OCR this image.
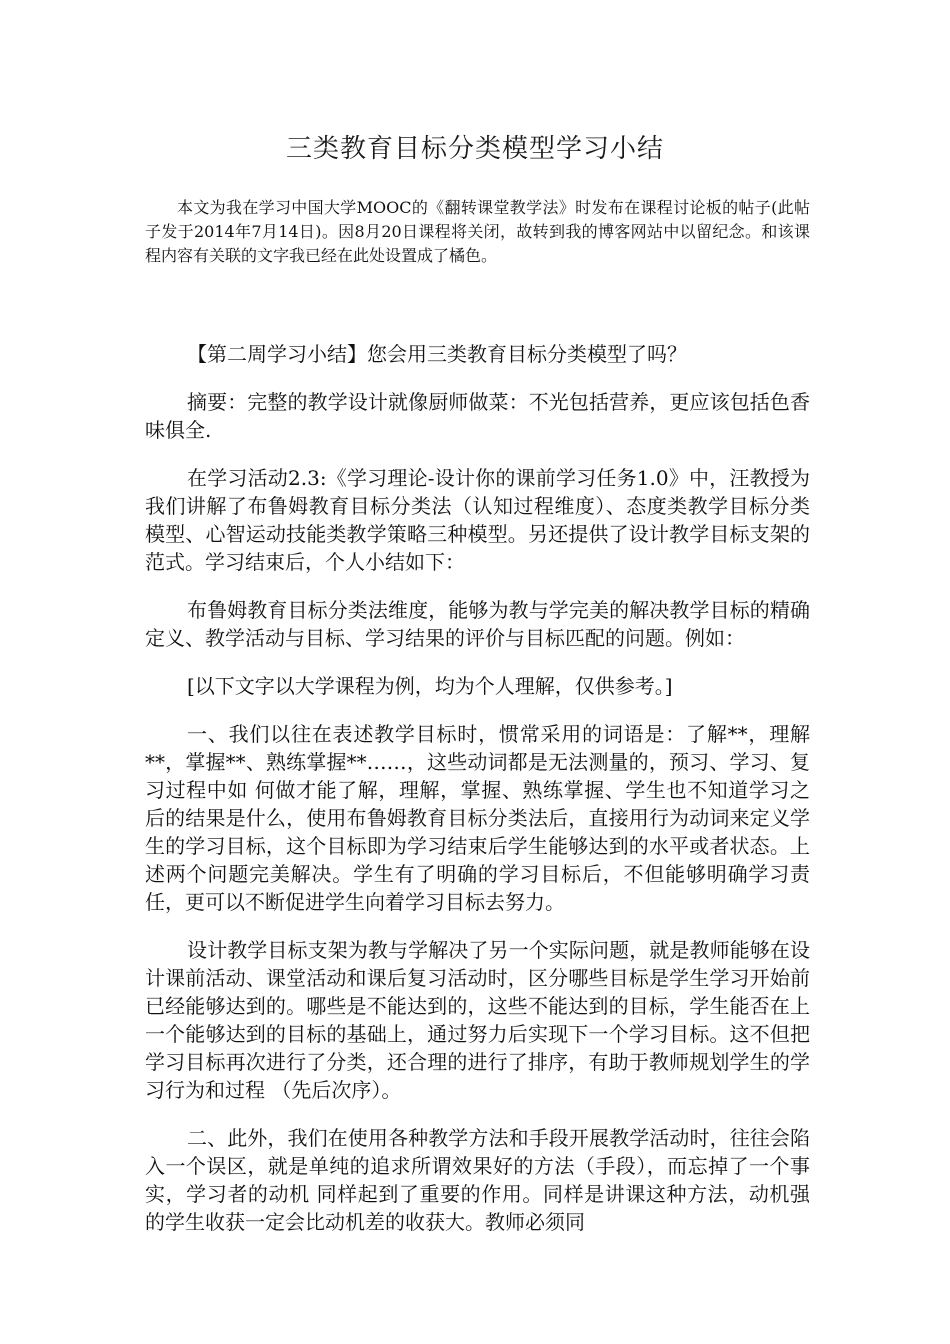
三类教育目标分类模型学习小结

本文为我在学习中国大学MOOC的《翻转课堂教学法》时发布在课程讨论板的帖子(此帖子发于2014年7月14日)。因8月20日课程将关闭，故转到我的博客网站中以留纪念。和该课程内容有关联的文字我已经在此处设置成了橘色。

【第二周学习小结】您会用三类教育目标分类模型了吗？

摘要：完整的教学设计就像厨师做菜：不光包括营养，更应该包括色香味俱全.

在学习活动2.3:《学习理论-设计你的课前学习任务1.0》中，汪教授为我们讲解了布鲁姆教育目标分类法（认知过程维度）、态度类教学目标分类模型、心智运动技能类教学策略三种模型。另还提供了设计教学目标支架的范式。学习结束后，个人小结如下：

布鲁姆教育目标分类法维度，能够为教与学完美的解决教学目标的精确定义、教学活动与目标、学习结果的评价与目标匹配的问题。例如：

[以下文字以大学课程为例，均为个人理解，仅供参考。]

一、我们以往在表述教学目标时，惯常采用的词语是：了解**，理解**，掌握**、熟练掌握**……，这些动词都是无法测量的，预习、学习、复习过程中如 何做才能了解，理解，掌握、熟练掌握、学生也不知道学习之后的结果是什么，使用布鲁姆教育目标分类法后，直接用行为动词来定义学生的学习目标，这个目标即为学习结束后学生能够达到的水平或者状态。上述两个问题完美解决。学生有了明确的学习目标后，不但能够明确学习责任，更可以不断促进学生向着学习目标去努力。

设计教学目标支架为教与学解决了另一个实际问题，就是教师能够在设计课前活动、课堂活动和课后复习活动时，区分哪些目标是学生学习开始前已经能够达到的。哪些是不能达到的，这些不能达到的目标，学生能否在上 一个能够达到的目标的基础上，通过努力后实现下一个学习目标。这不但把学习目标再次进行了分类，还合理的进行了排序，有助于教师规划学生的学习行为和过程 （先后次序）。

二、此外，我们在使用各种教学方法和手段开展教学活动时，往往会陷入一个误区，就是单纯的追求所谓效果好的方法（手段），而忘掉了一个事实，学习者的动机 同样起到了重要的作用。同样是讲课这种方法，动机强的学生收获一定会比动机差的收获大。教师必须同
